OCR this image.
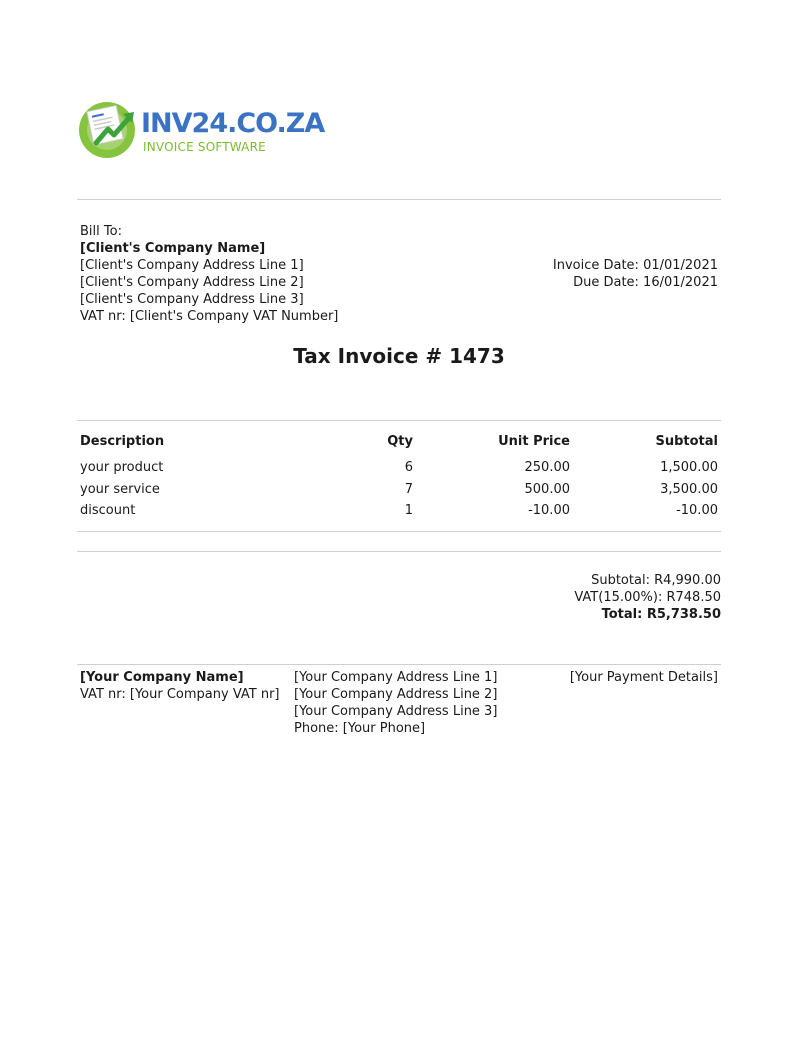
INV24.CO.ZA
INVOICE SOFTWARE
Bill To:
[Client's Company Name]
[Client's Company Address Line 1]
[Client's Company Address Line 2]
[Client's Company Address Line 3]
VAT nr: [Client's Company VAT Number]
Invoice Date: 01/01/2021
Due Date: 16/01/2021
Tax Invoice # 1473
Description	Qty	Unit Price	Subtotal
your product	6	250.00	1,500.00
your service	7	500.00	3,500.00
discount	1	-10.00	-10.00
Subtotal: R4,990.00
VAT(15.00%): R748.50
Total: R5,738.50
[Your Company Name]
VAT nr: [Your Company VAT nr]
[Your Company Address Line 1]
[Your Company Address Line 2]
[Your Company Address Line 3]
Phone: [Your Phone]
[Your Payment Details]
